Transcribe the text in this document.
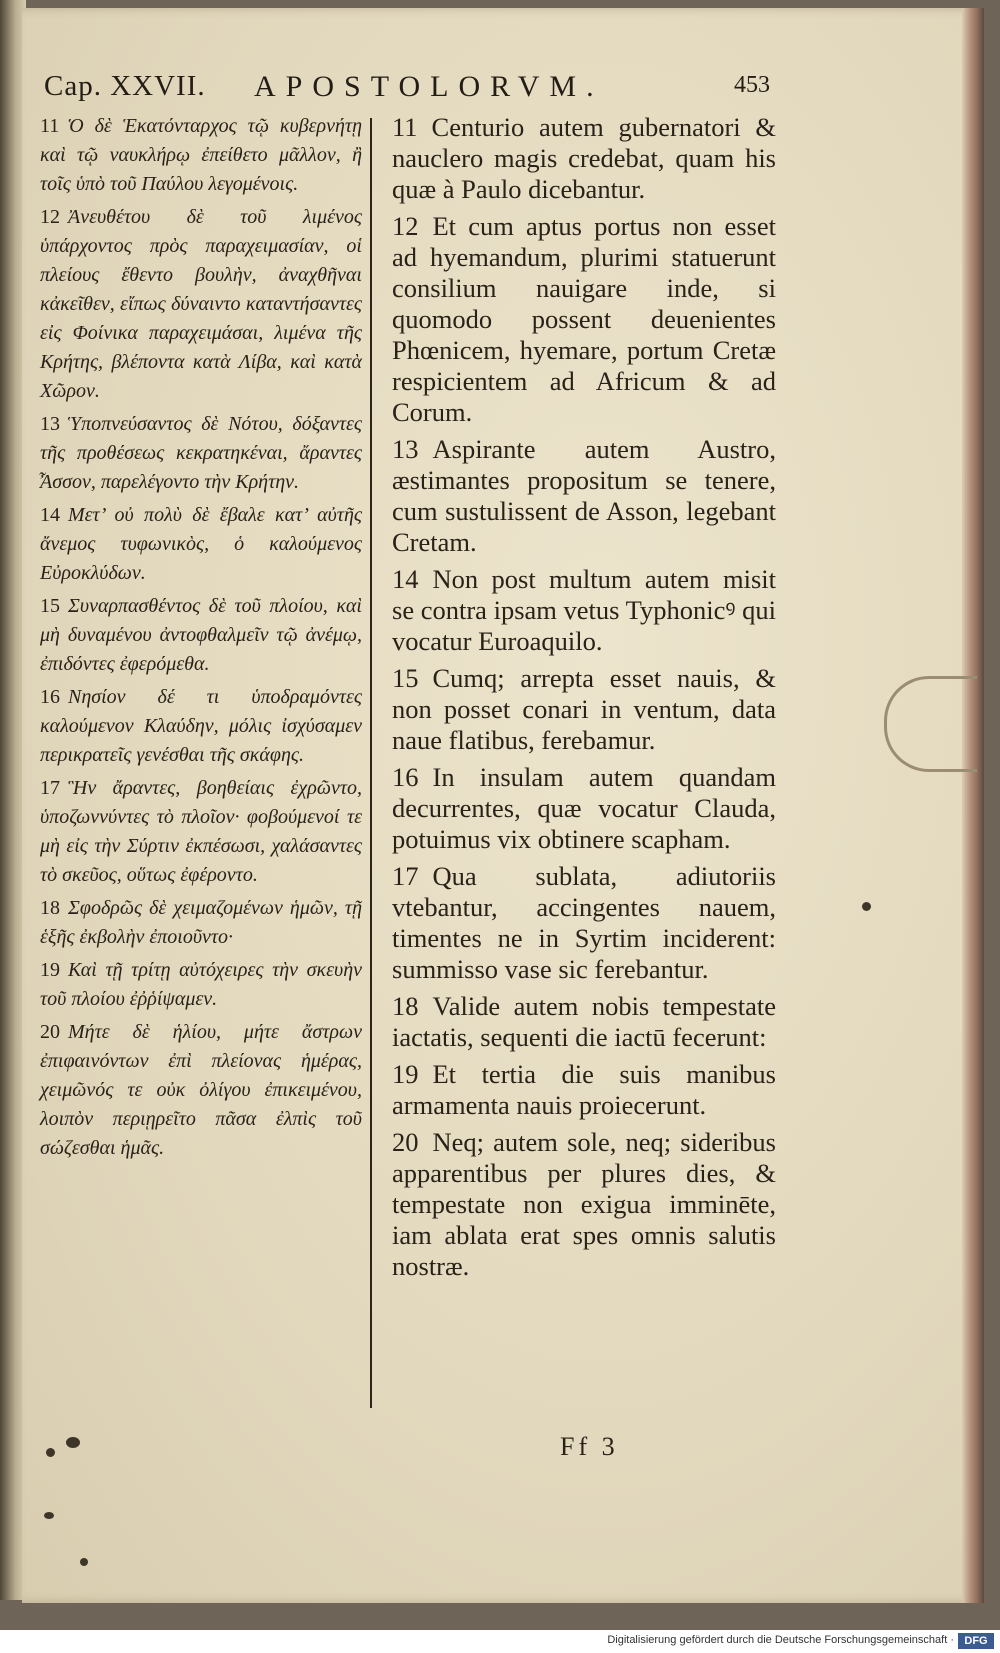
Cap. XXVII. APOSTOLORVM.	453

11 Ὁ δὲ Ἑκατόνταρχος τῷ κυβερνήτῃ καὶ τῷ ναυκλήρῳ ἐπείθετο μᾶλλον, ἢ τοῖς ὑπὸ τοῦ Παύλου λεγομένοις.

12 Ἀνευθέτου δὲ τοῦ λιμένος ὑπάρχοντος πρὸς παραχειμασίαν, οἱ πλείους ἔθεντο βουλὴν, ἀναχθῆναι κἀκεῖθεν, εἴπως δύναιντο καταντήσαντες εἰς Φοίνικα παραχειμάσαι, λιμένα τῆς Κρήτης, βλέποντα κατὰ Λίβα, καὶ κατὰ Χῶρον.

13 Ὑποπνεύσαντος δὲ Νότου, δόξαντες τῆς προθέσεως κεκρατηκέναι, ἄραντες Ἆσσον, παρελέγοντο τὴν Κρήτην.

14 Μετ’ οὐ πολὺ δὲ ἔβαλε κατ’ αὐτῆς ἄνεμος τυφωνικὸς, ὁ καλούμενος Εὐροκλύδων.

15 Συναρπασθέντος δὲ τοῦ πλοίου, καὶ μὴ δυναμένου ἀντοφθαλμεῖν τῷ ἀνέμῳ, ἐπιδόντες ἐφερόμεθα.

16 Νησίον δέ τι ὑποδραμόντες καλούμενον Κλαύδην, μόλις ἰσχύσαμεν περικρατεῖς γενέσθαι τῆς σκάφης.

17 Ἣν ἄραντες, βοηθείαις ἐχρῶντο, ὑποζωννύντες τὸ πλοῖον· φοβούμενοί τε μὴ εἰς τὴν Σύρτιν ἐκπέσωσι, χαλάσαντες τὸ σκεῦος, οὕτως ἐφέροντο.

18 Σφοδρῶς δὲ χειμαζομένων ἡμῶν, τῇ ἑξῆς ἐκβολὴν ἐποιοῦντο·

19 Καὶ τῇ τρίτῃ αὐτόχειρες τὴν σκευὴν τοῦ πλοίου ἐῤῥίψαμεν.

20 Μήτε δὲ ἡλίου, μήτε ἄστρων ἐπιφαινόντων ἐπὶ πλείονας ἡμέρας, χειμῶνός τε οὐκ ὀλίγου ἐπικειμένου, λοιπὸν περιῃρεῖτο πᾶσα ἐλπὶς τοῦ σώζεσθαι ἡμᾶς.

11 Centurio autem gubernatori & nauclero magis credebat, quam his quæ à Paulo dicebantur.

12 Et cum aptus portus non esset ad hyemandum, plurimi statuerunt consilium nauigare inde, si quomodo possent deuenientes Phœnicem, hyemare, portum Cretæ respicientem ad Africum & ad Corum.

13 Aspirante autem Austro, æstimantes propositum se tenere, cum sustulissent de Asson, legebant Cretam.

14 Non post multum autem misit se contra ipsam vetus Typhonicꝰ qui vocatur Euroaquilo.

15 Cumq; arrepta esset nauis, & non posset conari in ventum, data naue flatibus, ferebamur.

16 In insulam autem quandam decurrentes, quæ vocatur Clauda, potuimus vix obtinere scapham.

17 Qua sublata, adiutoriis vtebantur, accingentes nauem, timentes ne in Syrtim inciderent: summisso vase sic ferebantur.

18 Valide autem nobis tempestate iactatis, sequenti die iactū fecerunt:

19 Et tertia die suis manibus armamenta nauis proiecerunt.

20 Neq; autem sole, neq; sideribus apparentibus per plures dies, & tempestate non exigua imminēte, iam ablata erat spes omnis salutis nostræ.

Ff 3
Digitalisierung gefördert durch die Deutsche Forschungsgemeinschaft · DFG
